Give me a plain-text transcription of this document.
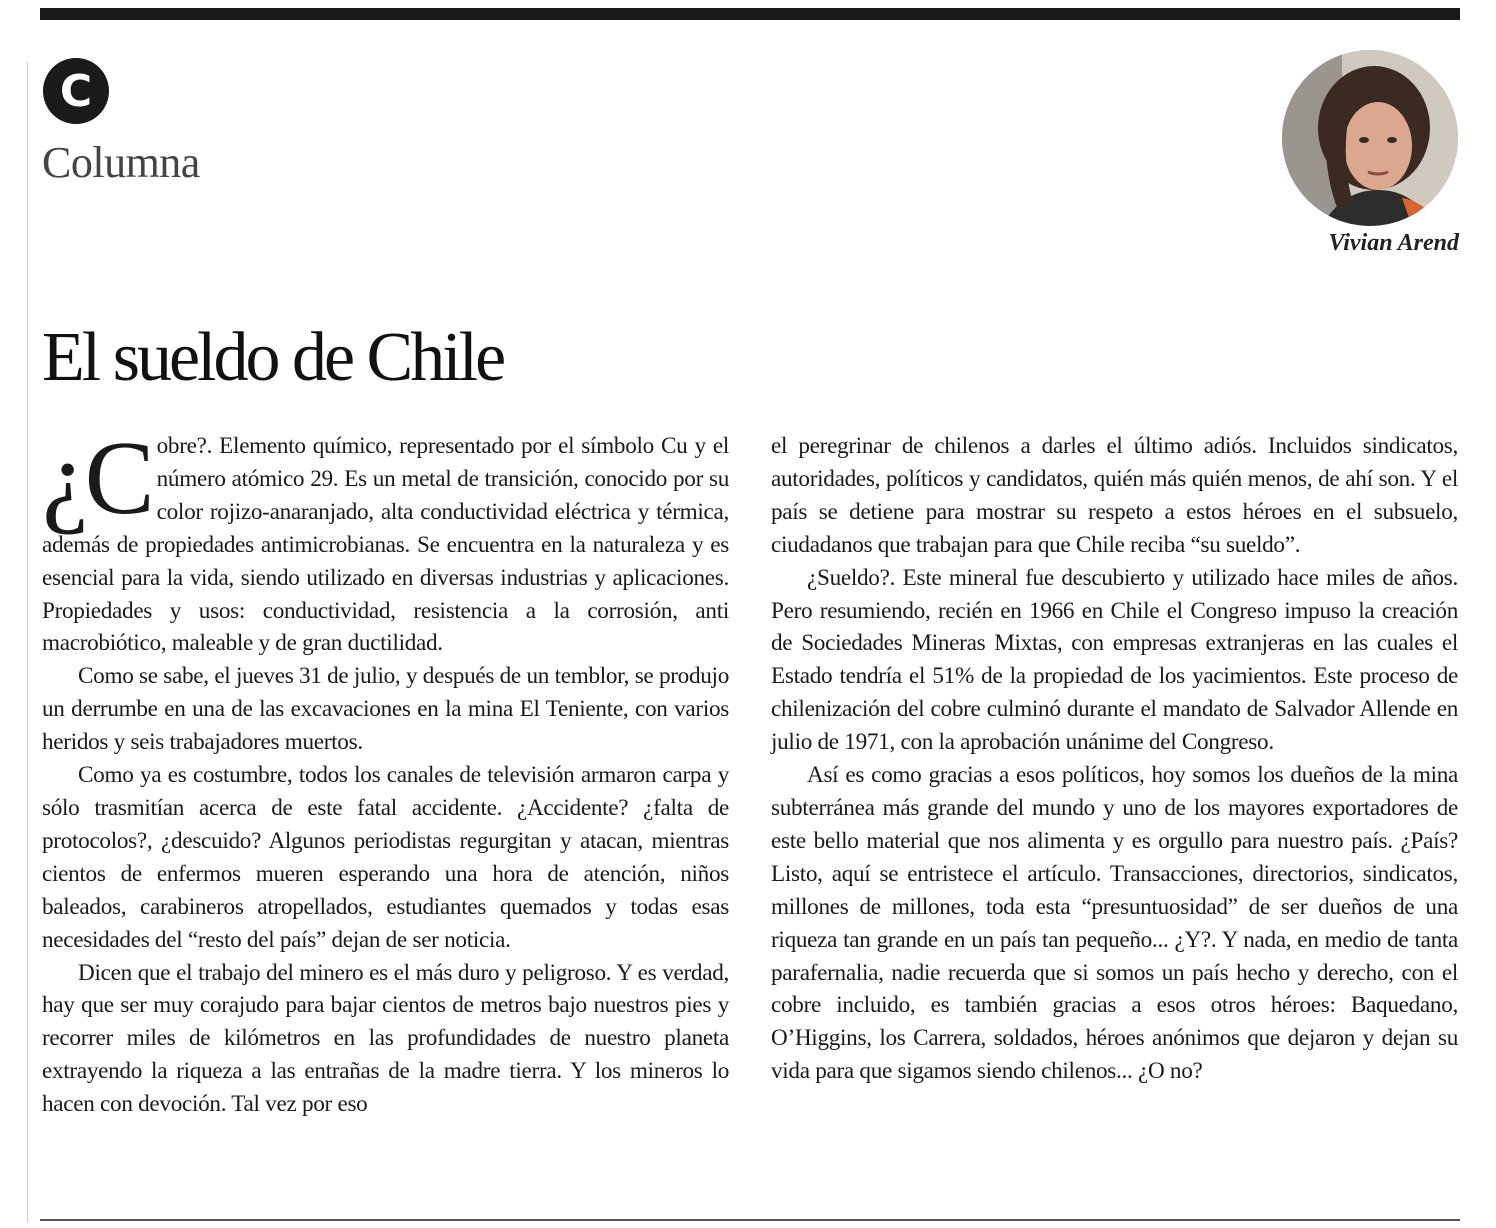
C
Columna
Vivian Arend
El sueldo de Chile

¿C obre?. Elemento químico, representado por el símbolo Cu y el número atómico 29. Es un metal de transición, conocido por su color rojizo-anaranjado, alta conductividad eléctrica y térmica, además de propiedades antimicrobianas. Se encuentra en la naturaleza y es esencial para la vida, siendo utilizado en diversas industrias y aplicaciones. Propiedades y usos: conductividad, resistencia a la corrosión, anti macrobiótico, maleable y de gran ductilidad.

Como se sabe, el jueves 31 de julio, y después de un temblor, se produjo un derrumbe en una de las excavaciones en la mina El Teniente, con varios heridos y seis trabajadores muertos.

Como ya es costumbre, todos los canales de televisión armaron carpa y sólo trasmitían acerca de este fatal accidente. ¿Accidente? ¿falta de protocolos?, ¿descuido? Algunos periodistas regurgitan y atacan, mientras cientos de enfermos mueren esperando una hora de atención, niños baleados, carabineros atropellados, estudiantes quemados y todas esas necesidades del “resto del país” dejan de ser noticia.

Dicen que el trabajo del minero es el más duro y peligroso. Y es verdad, hay que ser muy corajudo para bajar cientos de metros bajo nuestros pies y recorrer miles de kilómetros en las profundidades de nuestro planeta extrayendo la riqueza a las entrañas de la madre tierra. Y los mineros lo hacen con devoción. Tal vez por eso

el peregrinar de chilenos a darles el último adiós. Incluidos sindicatos, autoridades, políticos y candidatos, quién más quién menos, de ahí son. Y el país se detiene para mostrar su respeto a estos héroes en el subsuelo, ciudadanos que trabajan para que Chile reciba “su sueldo”.

¿Sueldo?. Este mineral fue descubierto y utilizado hace miles de años. Pero resumiendo, recién en 1966 en Chile el Congreso impuso la creación de Sociedades Mineras Mixtas, con empresas extranjeras en las cuales el Estado tendría el 51% de la propiedad de los yacimientos. Este proceso de chilenización del cobre culminó durante el mandato de Salvador Allende en julio de 1971, con la aprobación unánime del Congreso.

Así es como gracias a esos políticos, hoy somos los dueños de la mina subterránea más grande del mundo y uno de los mayores exportadores de este bello material que nos alimenta y es orgullo para nuestro país. ¿País? Listo, aquí se entristece el artículo. Transacciones, directorios, sindicatos, millones de millones, toda esta “presuntuosidad” de ser dueños de una riqueza tan grande en un país tan pequeño... ¿Y?. Y nada, en medio de tanta parafernalia, nadie recuerda que si somos un país hecho y derecho, con el cobre incluido, es también gracias a esos otros héroes: Baquedano, O’Higgins, los Carrera, soldados, héroes anónimos que dejaron y dejan su vida para que sigamos siendo chilenos... ¿O no?
